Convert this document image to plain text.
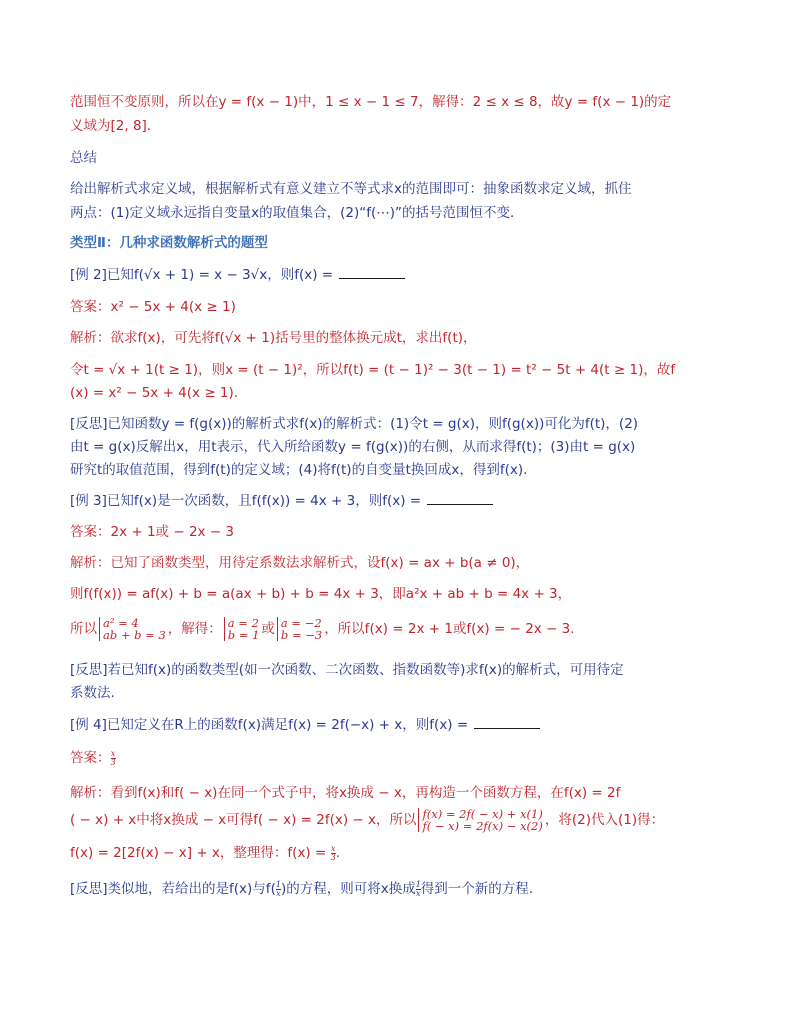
范围恒不变原则，所以在y = f(x − 1)中，1 ≤ x − 1 ≤ 7，解得：2 ≤ x ≤ 8，故y = f(x − 1)的定
义域为[2, 8].
总结
给出解析式求定义域，根据解析式有意义建立不等式求x的范围即可：抽象函数求定义域，抓住
两点：(1)定义域永远指自变量x的取值集合，(2)“f(⋯)”的括号范围恒不变.
类型Ⅱ：几种求函数解析式的题型
[例 2]已知f(√x + 1) = x − 3√x，则f(x) =
答案：x² − 5x + 4(x ≥ 1)
解析：欲求f(x)，可先将f(√x + 1)括号里的整体换元成t，求出f(t)，
令t = √x + 1(t ≥ 1)，则x = (t − 1)²，所以f(t) = (t − 1)² − 3(t − 1) = t² − 5t + 4(t ≥ 1)，故f
(x) = x² − 5x + 4(x ≥ 1).
[反思]已知函数y = f(g(x))的解析式求f(x)的解析式：(1)令t = g(x)，则f(g(x))可化为f(t)，(2)
由t = g(x)反解出x，用t表示，代入所给函数y = f(g(x))的右侧，从而求得f(t)；(3)由t = g(x)
研究t的取值范围，得到f(t)的定义域；(4)将f(t)的自变量t换回成x，得到f(x).
[例 3]已知f(x)是一次函数，且f(f(x)) = 4x + 3，则f(x) =
答案：2x + 1或 − 2x − 3
解析：已知了函数类型，用待定系数法求解析式，设f(x) = ax + b(a ≠ 0)，
则f(f(x)) = af(x) + b = a(ax + b) + b = 4x + 3，即a²x + ab + b = 4x + 3，
所以 a² = 4
ab + b = 3 ，解得： a = 2
b = 1 或 a = −2
b = −3 ，所以f(x) = 2x + 1或f(x) = − 2x − 3.
[反思]若已知f(x)的函数类型(如一次函数、二次函数、指数函数等)求f(x)的解析式，可用待定
系数法.
[例 4]已知定义在R上的函数f(x)满足f(x) = 2f(−x) + x，则f(x) =
答案： $\frac{x}{3}$
解析：看到f(x)和f( − x)在同一个式子中，将x换成 − x，再构造一个函数方程，在f(x) = 2f
( − x) + x中将x换成 − x可得f( − x) = 2f(x) − x，所以 f(x) = 2f( − x) + x(1)
f( − x) = 2f(x) − x(2) ，将(2)代入(1)得：
f(x) = 2[2f(x) − x] + x，整理得：$f(x) = \frac{x}{3}$ .
[反思]类似地，若给出的是f(x)与$f( \frac{1}{x}$ )的方程，则可将x换成 $\frac{1}{x}$ 得到一个新的方程.
